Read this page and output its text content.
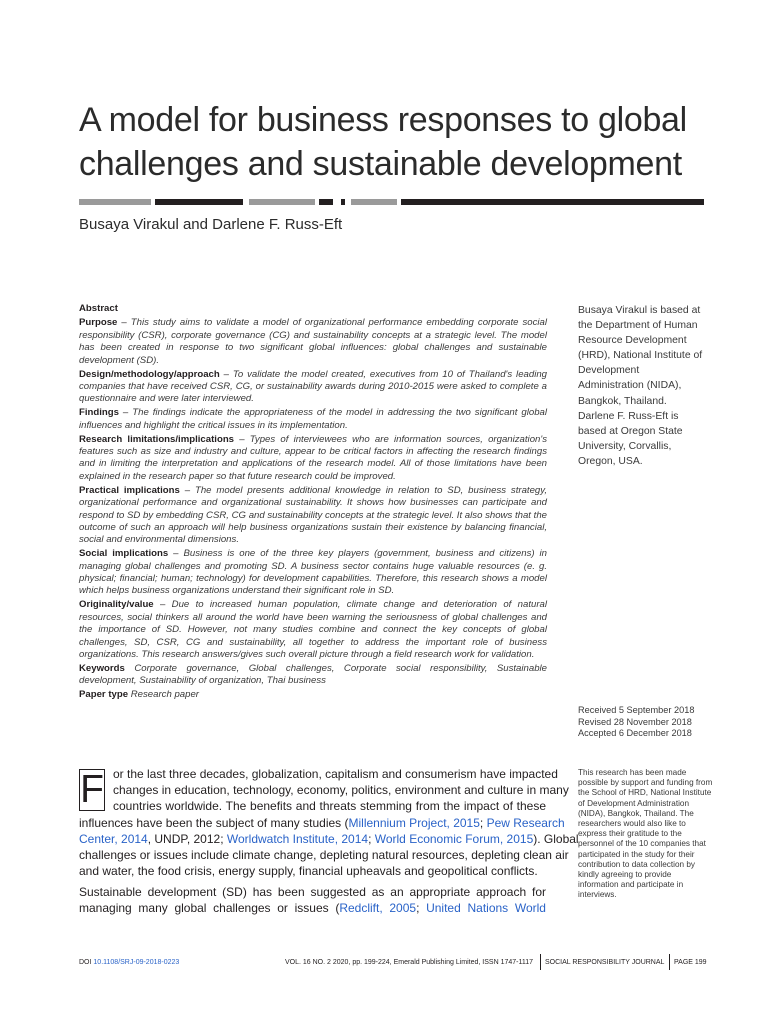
A model for business responses to global
challenges and sustainable development
Busaya Virakul and Darlene F. Russ-Eft

Abstract

Purpose – This study aims to validate a model of organizational performance embedding corporate social responsibility (CSR), corporate governance (CG) and sustainability concepts at a strategic level. The model has been created in response to two significant global influences: global challenges and sustainable development (SD).

Design/methodology/approach – To validate the model created, executives from 10 of Thailand's leading companies that have received CSR, CG, or sustainability awards during 2010-2015 were asked to complete a questionnaire and were later interviewed.

Findings – The findings indicate the appropriateness of the model in addressing the two significant global influences and highlight the critical issues in its implementation.

Research limitations/implications – Types of interviewees who are information sources, organization's features such as size and industry and culture, appear to be critical factors in affecting the research findings and in limiting the interpretation and applications of the research model. All of those limitations have been explained in the research paper so that future research could be improved.

Practical implications – The model presents additional knowledge in relation to SD, business strategy, organizational performance and organizational sustainability. It shows how businesses can participate and respond to SD by embedding CSR, CG and sustainability concepts at the strategic level. It also shows that the outcome of such an approach will help business organizations sustain their existence by balancing financial, social and environmental dimensions.

Social implications – Business is one of the three key players (government, business and citizens) in managing global challenges and promoting SD. A business sector contains huge valuable resources (e. g. physical; financial; human; technology) for development capabilities. Therefore, this research shows a model which helps business organizations understand their significant role in SD.

Originality/value – Due to increased human population, climate change and deterioration of natural resources, social thinkers all around the world have been warning the seriousness of global challenges and the importance of SD. However, not many studies combine and connect the key concepts of global challenges, SD, CSR, CG and sustainability, all together to address the important role of business organizations. This research answers/gives such overall picture through a field research work for validation.

Keywords Corporate governance, Global challenges, Corporate social responsibility, Sustainable development, Sustainability of organization, Thai business

Paper type Research paper

Busaya Virakul is based at the Department of Human Resource Development (HRD), National Institute of Development Administration (NIDA), Bangkok, Thailand. Darlene F. Russ-Eft is based at Oregon State University, Corvallis, Oregon, USA.
Received 5 September 2018
Revised 28 November 2018
Accepted 6 December 2018
This research has been made possible by support and funding from the School of HRD, National Institute of Development Administration (NIDA), Bangkok, Thailand. The researchers would also like to express their gratitude to the personnel of the 10 companies that participated in the study for their contribution to data collection by kindly agreeing to provide information and participate in interviews.
F or the last three decades, globalization, capitalism and consumerism have impacted
changes in education, technology, economy, politics, environment and culture in many
countries worldwide. The benefits and threats stemming from the impact of these
influences have been the subject of many studies (Millennium Project, 2015; Pew Research
Center, 2014, UNDP, 2012; Worldwatch Institute, 2014; World Economic Forum, 2015). Global
challenges or issues include climate change, depleting natural resources, depleting clean air
and water, the food crisis, energy supply, financial upheavals and geopolitical conflicts.
Sustainable development (SD) has been suggested as an appropriate approach for
managing many global challenges or issues (Redclift, 2005; United Nations World
DOI 10.1108/SRJ-09-2018-0223	VOL. 16 NO. 2 2020, pp. 199-224, Emerald Publishing Limited, ISSN 1747-1117 SOCIAL RESPONSIBILITY JOURNAL PAGE 199
